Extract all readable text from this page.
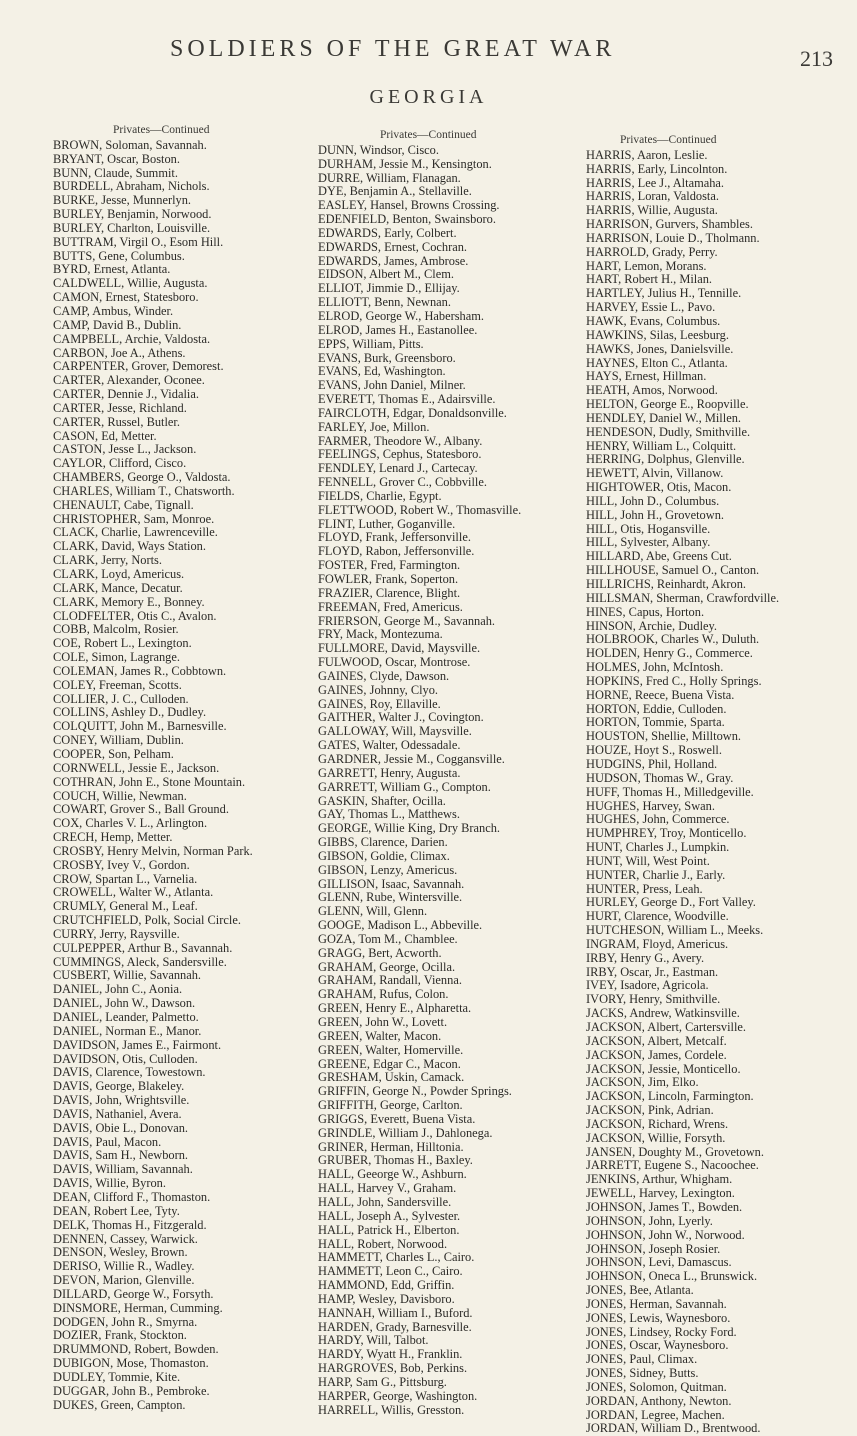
SOLDIERS OF THE GREAT WAR	213
GEORGIA
Privates—Continued
BROWN, Soloman, Savannah.
BRYANT, Oscar, Boston.
BUNN, Claude, Summit.
BURDELL, Abraham, Nichols.
BURKE, Jesse, Munnerlyn.
BURLEY, Benjamin, Norwood.
BURLEY, Charlton, Louisville.
BUTTRAM, Virgil O., Esom Hill.
BUTTS, Gene, Columbus.
BYRD, Ernest, Atlanta.
CALDWELL, Willie, Augusta.
CAMON, Ernest, Statesboro.
CAMP, Ambus, Winder.
CAMP, David B., Dublin.
CAMPBELL, Archie, Valdosta.
CARBON, Joe A., Athens.
CARPENTER, Grover, Demorest.
CARTER, Alexander, Oconee.
CARTER, Dennie J., Vidalia.
CARTER, Jesse, Richland.
CARTER, Russel, Butler.
CASON, Ed, Metter.
CASTON, Jesse L., Jackson.
CAYLOR, Clifford, Cisco.
CHAMBERS, George O., Valdosta.
CHARLES, William T., Chatsworth.
CHENAULT, Cabe, Tignall.
CHRISTOPHER, Sam, Monroe.
CLACK, Charlie, Lawrenceville.
CLARK, David, Ways Station.
CLARK, Jerry, Norts.
CLARK, Loyd, Americus.
CLARK, Mance, Decatur.
CLARK, Memory E., Bonney.
CLODFELTER, Otis C., Avalon.
COBB, Malcolm, Rosier.
COE, Robert L., Lexington.
COLE, Simon, Lagrange.
COLEMAN, James R., Cobbtown.
COLEY, Freeman, Scotts.
COLLIER, J. C., Culloden.
COLLINS, Ashley D., Dudley.
COLQUITT, John M., Barnesville.
CONEY, William, Dublin.
COOPER, Son, Pelham.
CORNWELL, Jessie E., Jackson.
COTHRAN, John E., Stone Mountain.
COUCH, Willie, Newman.
COWART, Grover S., Ball Ground.
COX, Charles V. L., Arlington.
CRECH, Hemp, Metter.
CROSBY, Henry Melvin, Norman Park.
CROSBY, Ivey V., Gordon.
CROW, Spartan L., Varnelia.
CROWELL, Walter W., Atlanta.
CRUMLY, General M., Leaf.
CRUTCHFIELD, Polk, Social Circle.
CURRY, Jerry, Raysville.
CULPEPPER, Arthur B., Savannah.
CUMMINGS, Aleck, Sandersville.
CUSBERT, Willie, Savannah.
DANIEL, John C., Aonia.
DANIEL, John W., Dawson.
DANIEL, Leander, Palmetto.
DANIEL, Norman E., Manor.
DAVIDSON, James E., Fairmont.
DAVIDSON, Otis, Culloden.
DAVIS, Clarence, Towestown.
DAVIS, George, Blakeley.
DAVIS, John, Wrightsville.
DAVIS, Nathaniel, Avera.
DAVIS, Obie L., Donovan.
DAVIS, Paul, Macon.
DAVIS, Sam H., Newborn.
DAVIS, William, Savannah.
DAVIS, Willie, Byron.
DEAN, Clifford F., Thomaston.
DEAN, Robert Lee, Tyty.
DELK, Thomas H., Fitzgerald.
DENNEN, Cassey, Warwick.
DENSON, Wesley, Brown.
DERISO, Willie R., Wadley.
DEVON, Marion, Glenville.
DILLARD, George W., Forsyth.
DINSMORE, Herman, Cumming.
DODGEN, John R., Smyrna.
DOZIER, Frank, Stockton.
DRUMMOND, Robert, Bowden.
DUBIGON, Mose, Thomaston.
DUDLEY, Tommie, Kite.
DUGGAR, John B., Pembroke.
DUKES, Green, Campton.
Privates—Continued
DUNN, Windsor, Cisco.
DURHAM, Jessie M., Kensington.
DURRE, William, Flanagan.
DYE, Benjamin A., Stellaville.
EASLEY, Hansel, Browns Crossing.
EDENFIELD, Benton, Swainsboro.
EDWARDS, Early, Colbert.
EDWARDS, Ernest, Cochran.
EDWARDS, James, Ambrose.
EIDSON, Albert M., Clem.
ELLIOT, Jimmie D., Ellijay.
ELLIOTT, Benn, Newnan.
ELROD, George W., Habersham.
ELROD, James H., Eastanollee.
EPPS, William, Pitts.
EVANS, Burk, Greensboro.
EVANS, Ed, Washington.
EVANS, John Daniel, Milner.
EVERETT, Thomas E., Adairsville.
FAIRCLOTH, Edgar, Donaldsonville.
FARLEY, Joe, Millon.
FARMER, Theodore W., Albany.
FEELINGS, Cephus, Statesboro.
FENDLEY, Lenard J., Cartecay.
FENNELL, Grover C., Cobbville.
FIELDS, Charlie, Egypt.
FLETTWOOD, Robert W., Thomasville.
FLINT, Luther, Goganville.
FLOYD, Frank, Jeffersonville.
FLOYD, Rabon, Jeffersonville.
FOSTER, Fred, Farmington.
FOWLER, Frank, Soperton.
FRAZIER, Clarence, Blight.
FREEMAN, Fred, Americus.
FRIERSON, George M., Savannah.
FRY, Mack, Montezuma.
FULLMORE, David, Maysville.
FULWOOD, Oscar, Montrose.
GAINES, Clyde, Dawson.
GAINES, Johnny, Clyo.
GAINES, Roy, Ellaville.
GAITHER, Walter J., Covington.
GALLOWAY, Will, Maysville.
GATES, Walter, Odessadale.
GARDNER, Jessie M., Coggansville.
GARRETT, Henry, Augusta.
GARRETT, William G., Compton.
GASKIN, Shafter, Ocilla.
GAY, Thomas L., Matthews.
GEORGE, Willie King, Dry Branch.
GIBBS, Clarence, Darien.
GIBSON, Goldie, Climax.
GIBSON, Lenzy, Americus.
GILLISON, Isaac, Savannah.
GLENN, Rube, Wintersville.
GLENN, Will, Glenn.
GOOGE, Madison L., Abbeville.
GOZA, Tom M., Chamblee.
GRAGG, Bert, Acworth.
GRAHAM, George, Ocilla.
GRAHAM, Randall, Vienna.
GRAHAM, Rufus, Colon.
GREEN, Henry E., Alpharetta.
GREEN, John W., Lovett.
GREEN, Walter, Macon.
GREEN, Walter, Homerville.
GREENE, Edgar C., Macon.
GRESHAM, Uskin, Camack.
GRIFFIN, George N., Powder Springs.
GRIFFITH, George, Carlton.
GRIGGS, Everett, Buena Vista.
GRINDLE, William J., Dahlonega.
GRINER, Herman, Hilltonia.
GRUBER, Thomas H., Baxley.
HALL, Geeorge W., Ashburn.
HALL, Harvey V., Graham.
HALL, John, Sandersville.
HALL, Joseph A., Sylvester.
HALL, Patrick H., Elberton.
HALL, Robert, Norwood.
HAMMETT, Charles L., Cairo.
HAMMETT, Leon C., Cairo.
HAMMOND, Edd, Griffin.
HAMP, Wesley, Davisboro.
HANNAH, William I., Buford.
HARDEN, Grady, Barnesville.
HARDY, Will, Talbot.
HARDY, Wyatt H., Franklin.
HARGROVES, Bob, Perkins.
HARP, Sam G., Pittsburg.
HARPER, George, Washington.
HARRELL, Willis, Gresston.
Privates—Continued
HARRIS, Aaron, Leslie.
HARRIS, Early, Lincolnton.
HARRIS, Lee J., Altamaha.
HARRIS, Loran, Valdosta.
HARRIS, Willie, Augusta.
HARRISON, Gurvers, Shambles.
HARRISON, Louie D., Tholmann.
HARROLD, Grady, Perry.
HART, Lemon, Morans.
HART, Robert H., Milan.
HARTLEY, Julius H., Tennille.
HARVEY, Essie L., Pavo.
HAWK, Evans, Columbus.
HAWKINS, Silas, Leesburg.
HAWKS, Jones, Danielsville.
HAYNES, Elton C., Atlanta.
HAYS, Ernest, Hillman.
HEATH, Amos, Norwood.
HELTON, George E., Roopville.
HENDLEY, Daniel W., Millen.
HENDESON, Dudly, Smithville.
HENRY, William L., Colquitt.
HERRING, Dolphus, Glenville.
HEWETT, Alvin, Villanow.
HIGHTOWER, Otis, Macon.
HILL, John D., Columbus.
HILL, John H., Grovetown.
HILL, Otis, Hogansville.
HILL, Sylvester, Albany.
HILLARD, Abe, Greens Cut.
HILLHOUSE, Samuel O., Canton.
HILLRICHS, Reinhardt, Akron.
HILLSMAN, Sherman, Crawfordville.
HINES, Capus, Horton.
HINSON, Archie, Dudley.
HOLBROOK, Charles W., Duluth.
HOLDEN, Henry G., Commerce.
HOLMES, John, McIntosh.
HOPKINS, Fred C., Holly Springs.
HORNE, Reece, Buena Vista.
HORTON, Eddie, Culloden.
HORTON, Tommie, Sparta.
HOUSTON, Shellie, Milltown.
HOUZE, Hoyt S., Roswell.
HUDGINS, Phil, Holland.
HUDSON, Thomas W., Gray.
HUFF, Thomas H., Milledgeville.
HUGHES, Harvey, Swan.
HUGHES, John, Commerce.
HUMPHREY, Troy, Monticello.
HUNT, Charles J., Lumpkin.
HUNT, Will, West Point.
HUNTER, Charlie J., Early.
HUNTER, Press, Leah.
HURLEY, George D., Fort Valley.
HURT, Clarence, Woodville.
HUTCHESON, William L., Meeks.
INGRAM, Floyd, Americus.
IRBY, Henry G., Avery.
IRBY, Oscar, Jr., Eastman.
IVEY, Isadore, Agricola.
IVORY, Henry, Smithville.
JACKS, Andrew, Watkinsville.
JACKSON, Albert, Cartersville.
JACKSON, Albert, Metcalf.
JACKSON, James, Cordele.
JACKSON, Jessie, Monticello.
JACKSON, Jim, Elko.
JACKSON, Lincoln, Farmington.
JACKSON, Pink, Adrian.
JACKSON, Richard, Wrens.
JACKSON, Willie, Forsyth.
JANSEN, Doughty M., Grovetown.
JARRETT, Eugene S., Nacoochee.
JENKINS, Arthur, Whigham.
JEWELL, Harvey, Lexington.
JOHNSON, James T., Bowden.
JOHNSON, John, Lyerly.
JOHNSON, John W., Norwood.
JOHNSON, Joseph Rosier.
JOHNSON, Levi, Damascus.
JOHNSON, Oneca L., Brunswick.
JONES, Bee, Atlanta.
JONES, Herman, Savannah.
JONES, Lewis, Waynesboro.
JONES, Lindsey, Rocky Ford.
JONES, Oscar, Waynesboro.
JONES, Paul, Climax.
JONES, Sidney, Butts.
JONES, Solomon, Quitman.
JORDAN, Anthony, Newton.
JORDAN, Legree, Machen.
JORDAN, William D., Brentwood.
